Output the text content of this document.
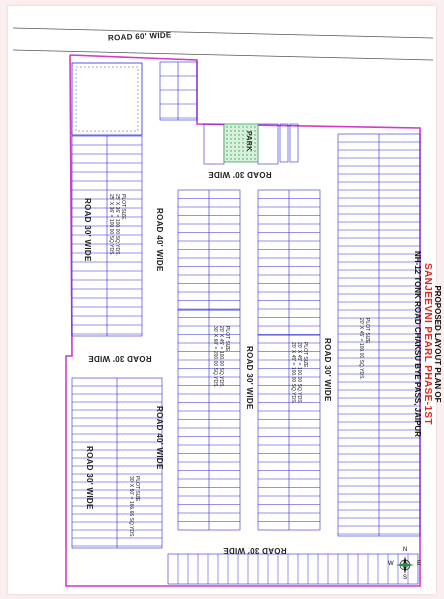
ROAD 60' WIDE
ROAD 30' WIDE
ROAD 30' WIDE	ROAD 40' WIDE
ROAD 30' WIDE	ROAD 30' WIDE
ROAD 30' WIDE
ROAD 30' WIDE
ROAD 40' WIDE
ROAD 30' WIDE
PARK
PLOT SIZE
25' X 36' = 100.00 SQ.YDS.
25' X 36' = 100.00 SQ.YDS.
PLOT SIZE
20' X 45' = 100.00 SQ.YDS.
30' X 60' = 200.00 SQ.YDS.	PLOT SIZE
20' X 45' = 100.00 SQ.YDS.
20' X 45' = 100.00 SQ.YDS.
PLOT SIZE
20' X 45' = 100.00 SQ.YDS.
PLOT SIZE
30' X 50' = 166.66 SQ.YDS.
PROPOSED LAYOUT PLAN OF
SANJEEVNI PEARL PHASE-1ST
NH-12 TONK ROAD CHAKSU BYE PASS, JAIPUR
N
S
E
W
